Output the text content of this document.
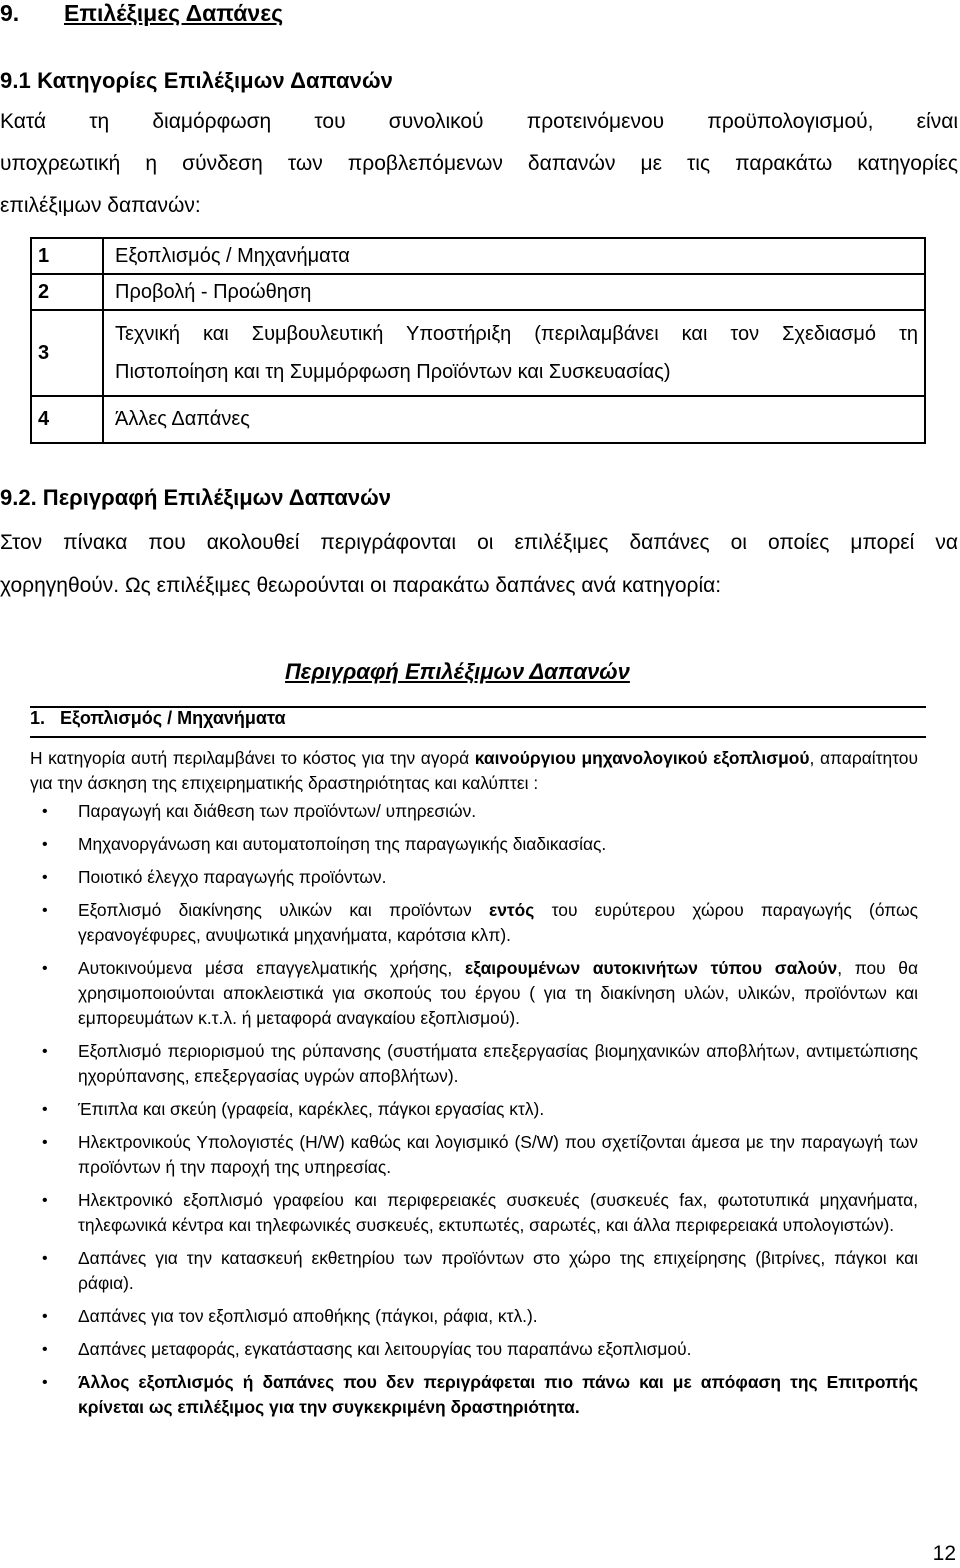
9. Επιλέξιμες Δαπάνες
9.1 Κατηγορίες Επιλέξιμων Δαπανών
Κατά τη διαμόρφωση του συνολικού προτεινόμενου προϋπολογισμού, είναι
υποχρεωτική η σύνδεση των προβλεπόμενων δαπανών με τις παρακάτω κατηγορίες
επιλέξιμων δαπανών:
1	Εξοπλισμός / Μηχανήματα
2	Προβολή - Προώθηση
3	Τεχνική και Συμβουλευτική Υποστήριξη (περιλαμβάνει και τον Σχεδιασμό τη
Πιστοποίηση και τη Συμμόρφωση Προϊόντων και Συσκευασίας)

4	Άλλες Δαπάνες
9.2. Περιγραφή Επιλέξιμων Δαπανών
Στον πίνακα που ακολουθεί περιγράφονται οι επιλέξιμες δαπάνες οι οποίες μπορεί να
χορηγηθούν. Ως επιλέξιμες θεωρούνται οι παρακάτω δαπάνες ανά κατηγορία:
Περιγραφή Επιλέξιμων Δαπανών
1.   Εξοπλισμός / Μηχανήματα
Η κατηγορία αυτή περιλαμβάνει το κόστος για την αγορά καινούργιου μηχανολογικού εξοπλισμού, απαραίτητου για την άσκηση της επιχειρηματικής δραστηριότητας και καλύπτει :
• Παραγωγή και διάθεση των προϊόντων/ υπηρεσιών.
• Μηχανοργάνωση και αυτοματοποίηση της παραγωγικής διαδικασίας.
• Ποιοτικό έλεγχο παραγωγής προϊόντων.
• Εξοπλισμό διακίνησης υλικών και προϊόντων εντός του ευρύτερου χώρου παραγωγής (όπως γερανογέφυρες, ανυψωτικά μηχανήματα, καρότσια κλπ).
• Αυτοκινούμενα μέσα επαγγελματικής χρήσης, εξαιρουμένων αυτοκινήτων τύπου σαλούν, που θα χρησιμοποιούνται αποκλειστικά για σκοπούς του έργου ( για τη διακίνηση υλών, υλικών, προϊόντων και εμπορευμάτων κ.τ.λ. ή μεταφορά αναγκαίου εξοπλισμού).
• Εξοπλισμό περιορισμού της ρύπανσης (συστήματα επεξεργασίας βιομηχανικών αποβλήτων, αντιμετώπισης ηχορύπανσης, επεξεργασίας υγρών αποβλήτων).
• Έπιπλα και σκεύη (γραφεία, καρέκλες, πάγκοι εργασίας κτλ).
• Ηλεκτρονικούς Υπολογιστές (H/W) καθώς και λογισμικό (S/W) που σχετίζονται άμεσα με την παραγωγή των προϊόντων ή την παροχή της υπηρεσίας.
• Ηλεκτρονικό εξοπλισμό γραφείου και περιφερειακές συσκευές (συσκευές fax, φωτοτυπικά μηχανήματα, τηλεφωνικά κέντρα και τηλεφωνικές συσκευές, εκτυπωτές, σαρωτές, και άλλα περιφερειακά υπολογιστών).
• Δαπάνες για την κατασκευή εκθετηρίου των προϊόντων στο χώρο της επιχείρησης (βιτρίνες, πάγκοι και ράφια).
• Δαπάνες για τον εξοπλισμό αποθήκης (πάγκοι, ράφια, κτλ.).
• Δαπάνες μεταφοράς, εγκατάστασης και λειτουργίας του παραπάνω εξοπλισμού.
• Άλλος εξοπλισμός ή δαπάνες που δεν περιγράφεται πιο πάνω και με απόφαση της Επιτροπής κρίνεται ως επιλέξιμος για την συγκεκριμένη δραστηριότητα.
12
